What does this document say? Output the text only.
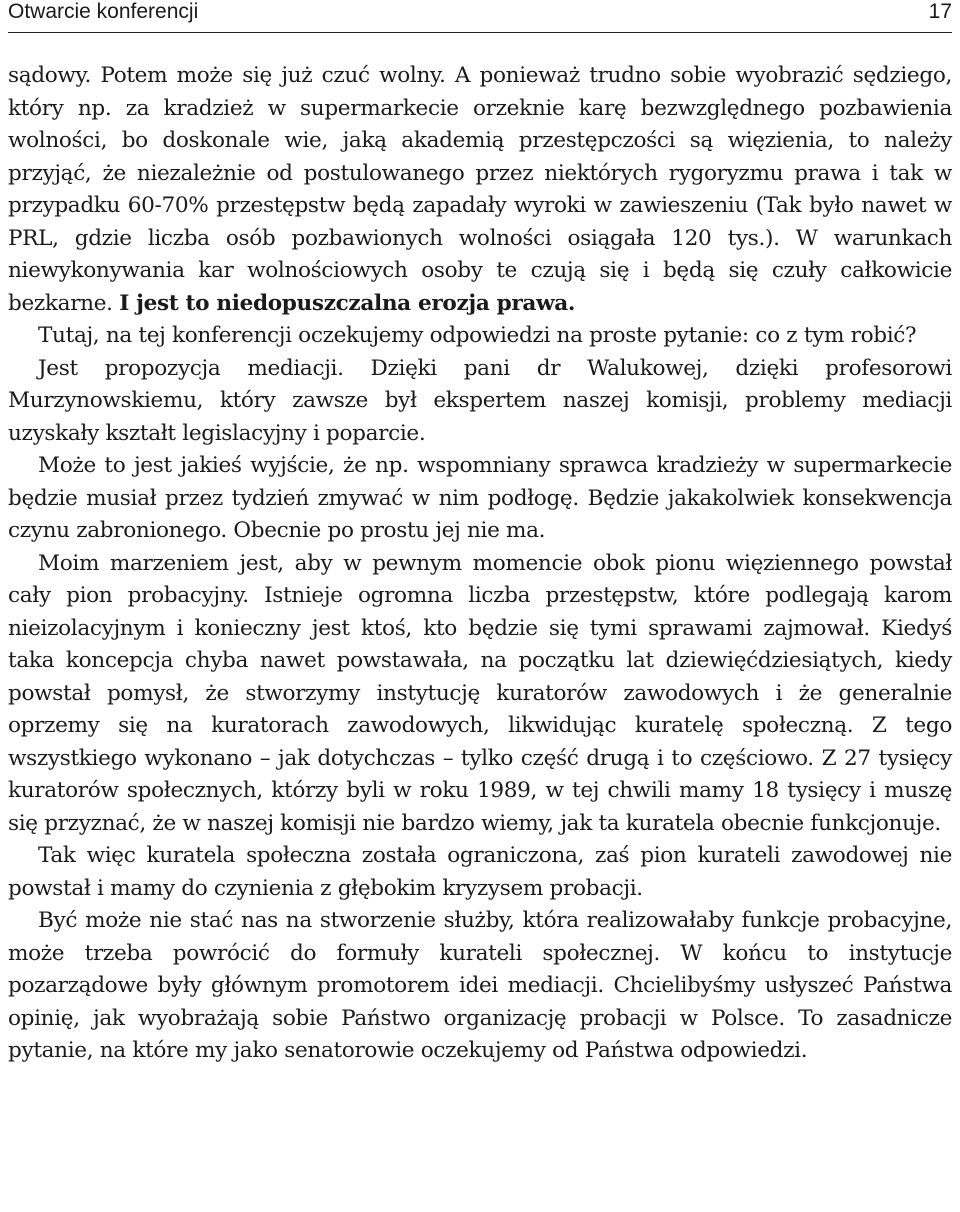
Otwarcie konferencji	17

sądowy. Potem może się już czuć wolny. A ponieważ trudno sobie wyobrazić sędziego, który np. za kradzież w supermarkecie orzeknie karę bezwzględnego pozbawienia wolności, bo doskonale wie, jaką akademią przestępczości są więzienia, to należy przyjąć, że niezależnie od postulowanego przez niektórych rygoryzmu prawa i tak w przypadku 60-70% przestępstw będą zapadały wyroki w zawieszeniu (Tak było nawet w PRL, gdzie liczba osób pozbawionych wolności osiągała 120 tys.). W warunkach niewykonywania kar wolnościowych osoby te czują się i będą się czuły całkowicie bezkarne. I jest to niedopuszczalna erozja prawa.

Tutaj, na tej konferencji oczekujemy odpowiedzi na proste pytanie: co z tym robić?

Jest propozycja mediacji. Dzięki pani dr Walukowej, dzięki profesorowi Murzynowskiemu, który zawsze był ekspertem naszej komisji, problemy mediacji uzyskały kształt legislacyjny i poparcie.

Może to jest jakieś wyjście, że np. wspomniany sprawca kradzieży w supermarkecie będzie musiał przez tydzień zmywać w nim podłogę. Będzie jakakolwiek konsekwencja czynu zabronionego. Obecnie po prostu jej nie ma.

Moim marzeniem jest, aby w pewnym momencie obok pionu więziennego powstał cały pion probacyjny. Istnieje ogromna liczba przestępstw, które podlegają karom nieizolacyjnym i konieczny jest ktoś, kto będzie się tymi sprawami zajmował. Kiedyś taka koncepcja chyba nawet powstawała, na początku lat dziewięćdziesiątych, kiedy powstał pomysł, że stworzymy instytucję kuratorów zawodowych i że generalnie oprzemy się na kuratorach zawodowych, likwidując kuratelę społeczną. Z tego wszystkiego wykonano – jak dotychczas – tylko część drugą i to częściowo. Z 27 tysięcy kuratorów społecznych, którzy byli w roku 1989, w tej chwili mamy 18 tysięcy i muszę się przyznać, że w naszej komisji nie bardzo wiemy, jak ta kuratela obecnie funkcjonuje.

Tak więc kuratela społeczna została ograniczona, zaś pion kurateli zawodowej nie powstał i mamy do czynienia z głębokim kryzysem probacji.

Być może nie stać nas na stworzenie służby, która realizowałaby funkcje probacyjne, może trzeba powrócić do formuły kurateli społecznej. W końcu to instytucje pozarządowe były głównym promotorem idei mediacji. Chcielibyśmy usłyszeć Państwa opinię, jak wyobrażają sobie Państwo organizację probacji w Polsce. To zasadnicze pytanie, na które my jako senatorowie oczekujemy od Państwa odpowiedzi.
